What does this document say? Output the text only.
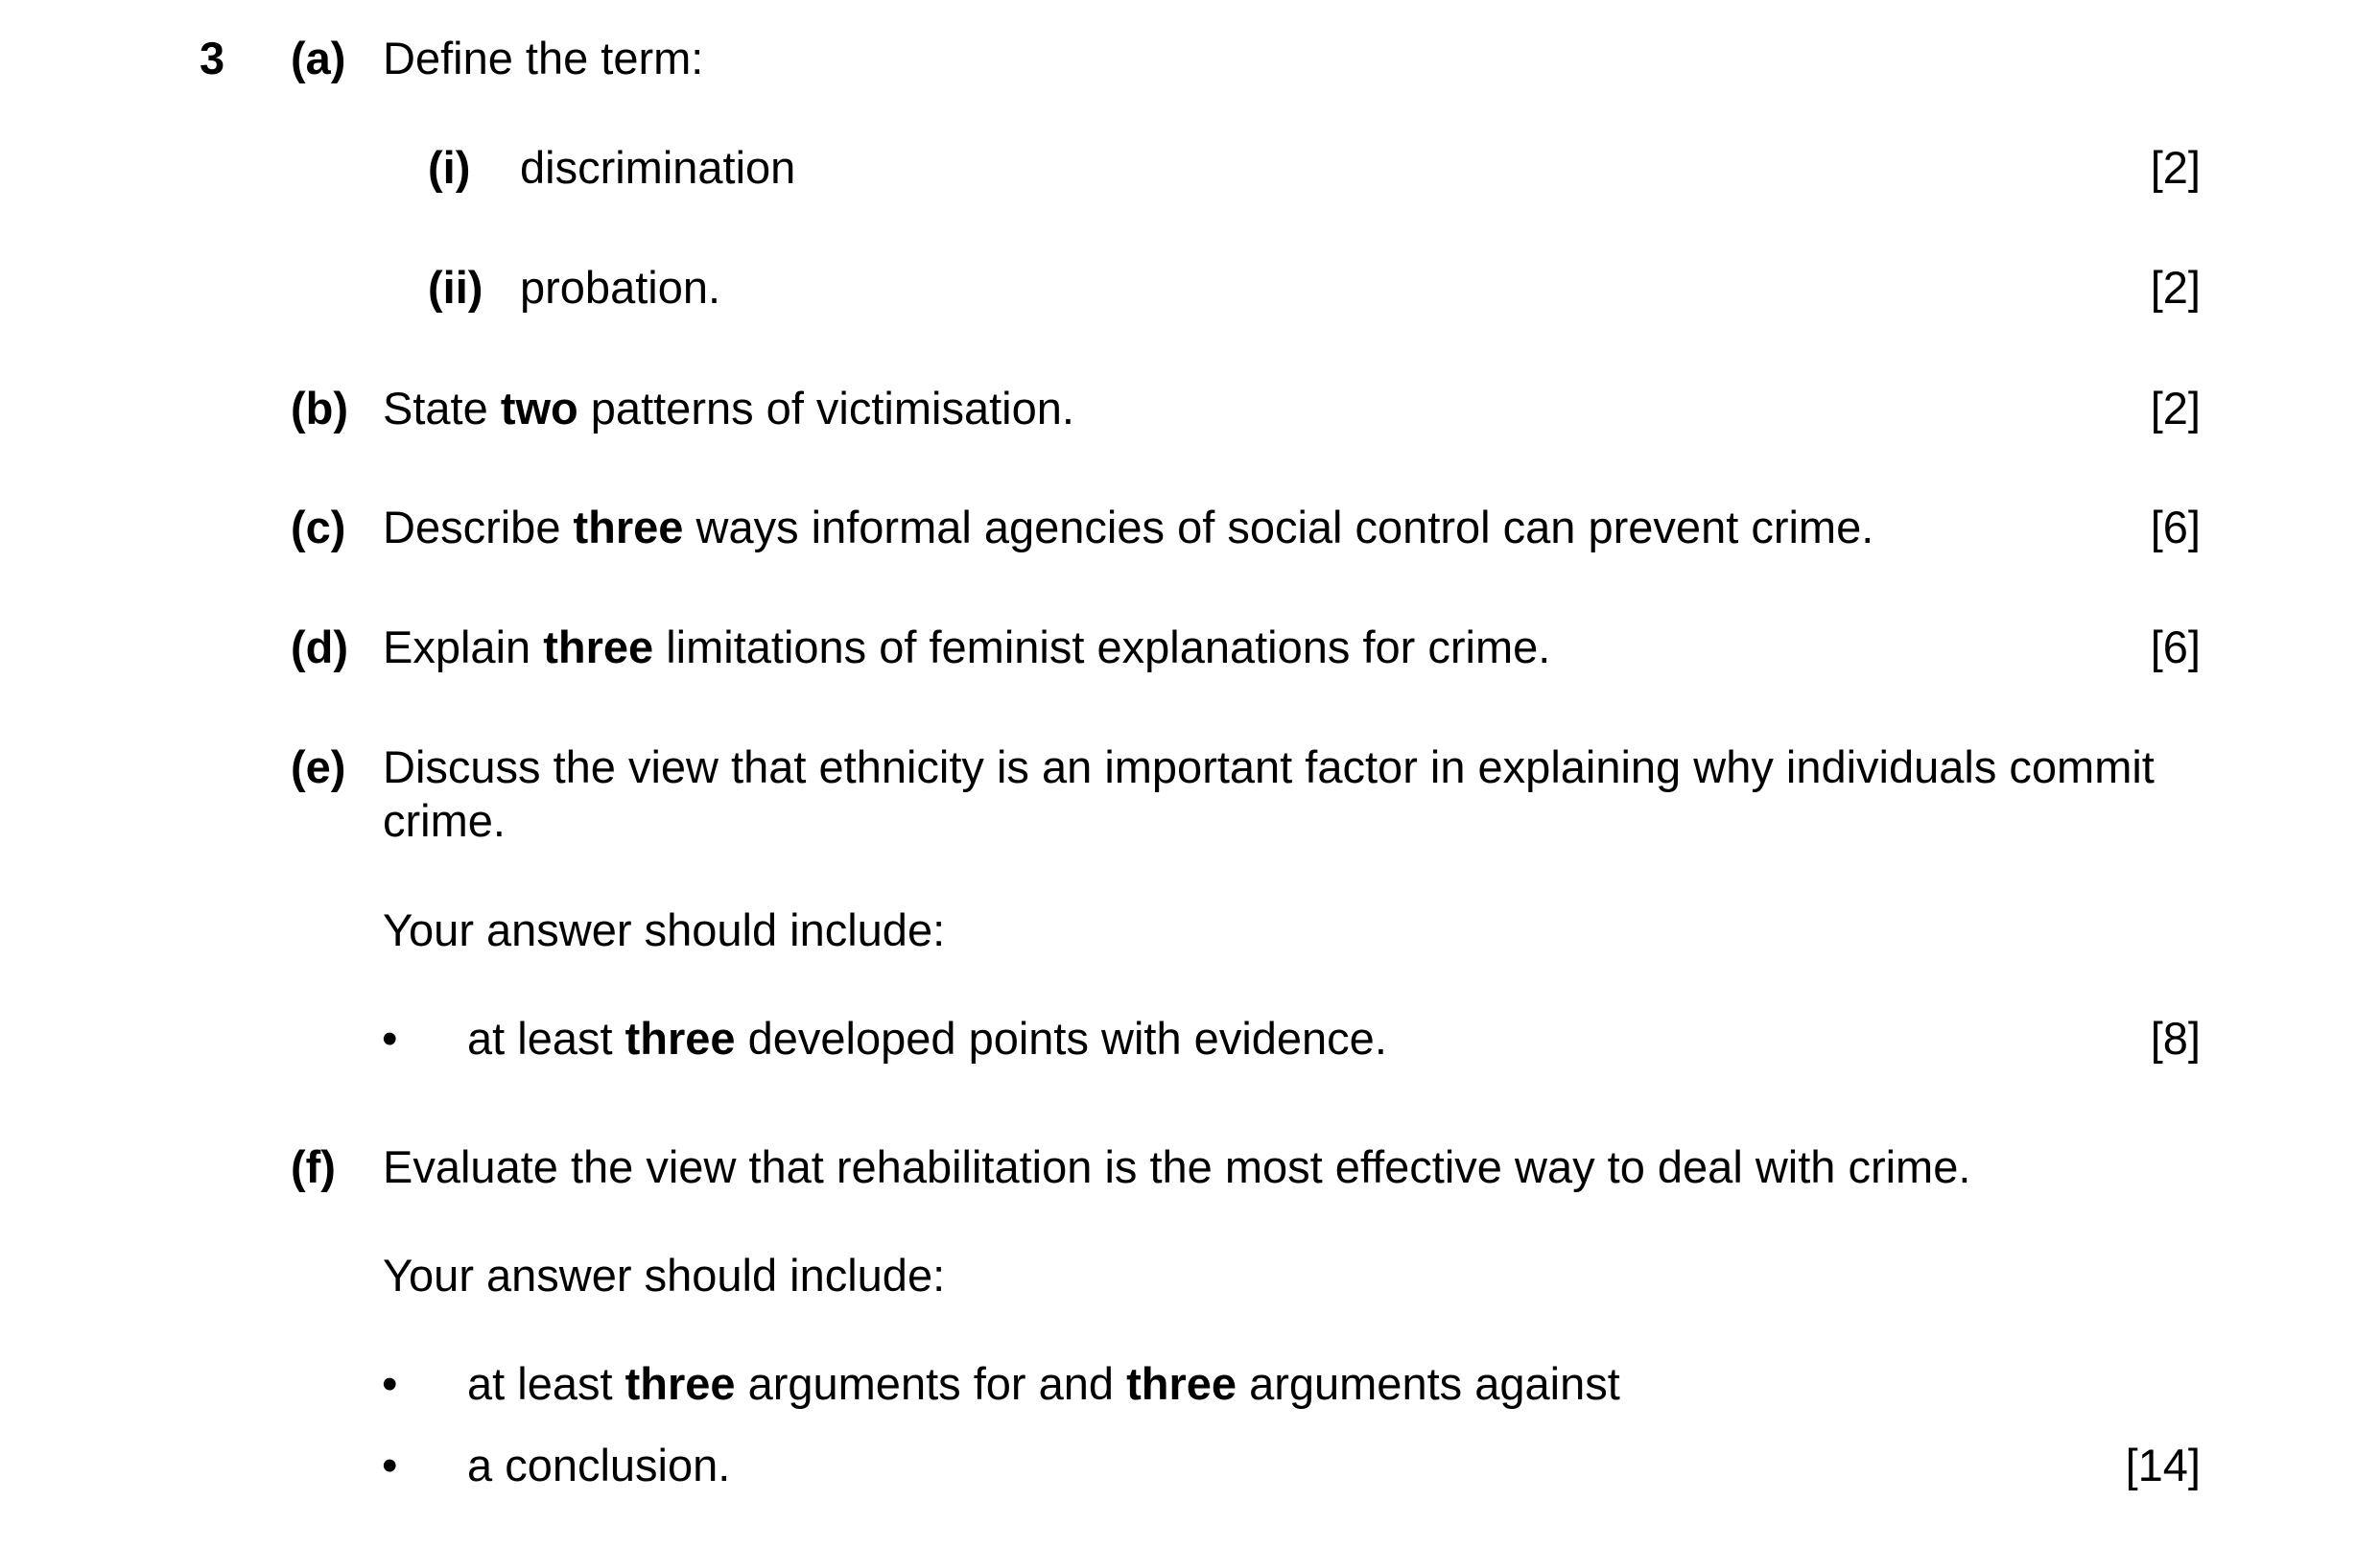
3 (a) Define the term:
(i) discrimination	[2]
(ii) probation.	[2]
(b) State two patterns of victimisation.	[2]
(c) Describe three ways informal agencies of social control can prevent crime.	[6]
(d) Explain three limitations of feminist explanations for crime.	[6]
(e) Discuss the view that ethnicity is an important factor in explaining why individuals commit crime.
Your answer should include:
• at least three developed points with evidence.	[8]
(f) Evaluate the view that rehabilitation is the most effective way to deal with crime.
Your answer should include:
• at least three arguments for and three arguments against
• a conclusion.	[14]
